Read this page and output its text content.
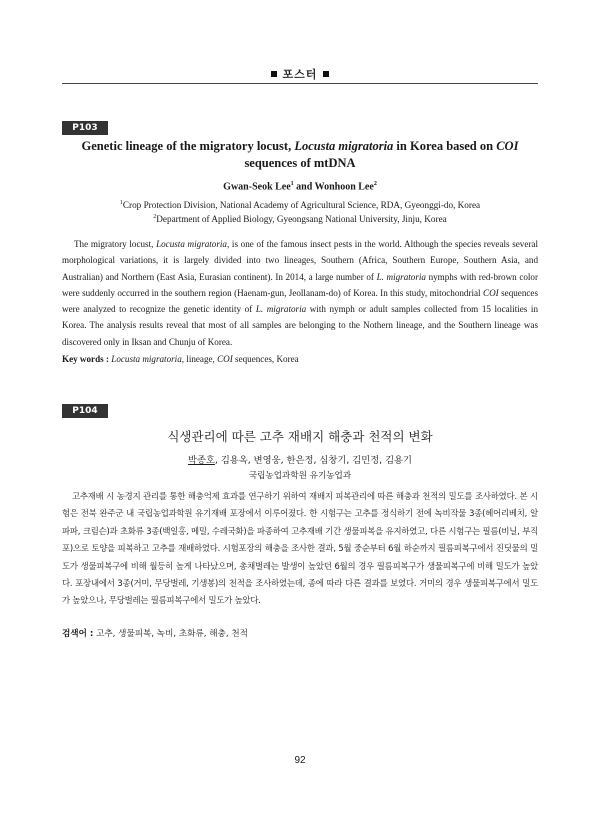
포스터
P103
Genetic lineage of the migratory locust, Locusta migratoria in Korea based on COI
sequences of mtDNA
Gwan-Seok Lee$^1$ and Wonhoon Lee$^2$
$^1$Crop Protection Division, National Academy of Agricultural Science, RDA, Gyeonggi-do, Korea
$^2$Department of Applied Biology, Gyeongsang National University, Jinju, Korea

The migratory locust, Locusta migratoria, is one of the famous insect pests in the world. Although the species reveals several morphological variations, it is largely divided into two lineages, Southern (Africa, Southern Europe, Southern Asia, and Australian) and Northern (East Asia, Eurasian continent). In 2014, a large number of L. migratoria nymphs with red-brown color were suddenly occurred in the southern region (Haenam-gun, Jeollanam-do) of Korea. In this study, mitochondrial COI sequences were analyzed to recognize the genetic identity of L. migratoria with nymph or adult samples collected from 15 localities in Korea. The analysis results reveal that most of all samples are belonging to the Nothern lineage, and the Southern lineage was discovered only in Iksan and Chunju of Korea.

Key words : Locusta migratoria, lineage, COI sequences, Korea
P104
식생관리에 따른 고추 재배지 해충과 천적의 변화
박종호, 김용옥, 변영웅, 한은정, 심창기, 김민정, 김용기
국립농업과학원 유기농업과

고추재배 시 농경지 관리를 통한 해충억제 효과를 연구하기 위하여 재배지 피복관리에 따른 해충과 천적의 밀도를 조사하였다. 본 시험은 전북 완주군 내 국립농업과학원 유기재배 포장에서 이루어졌다. 한 시험구는 고추를 정식하기 전에 녹비작물 3종(헤어리베치, 알파파, 크림슨)과 초화류 3종(백일홍, 메밀, 수레국화)을 파종하여 고추재배 기간 생물피복을 유지하였고, 다른 시험구는 필름(비닐, 부직포)으로 토양을 피복하고 고추를 재배하였다. 시험포장의 해충을 조사한 결과, 5월 중순부터 6월 하순까지 필름피복구에서 진딧물의 밀도가 생물피복구에 비해 월등히 높게 나타났으며, 총채벌레는 발생이 높았던 6월의 경우 필름피복구가 생물피복구에 비해 밀도가 높았다. 포장내에서 3종(거미, 무당벌레, 기생봉)의 천적을 조사하였는데, 종에 따라 다른 결과를 보였다. 거미의 경우 생물피복구에서 밀도가 높았으나, 무당벌레는 필름피복구에서 밀도가 높았다.

검색어 : 고추, 생물피복, 녹비, 초화류, 해충, 천적
92
